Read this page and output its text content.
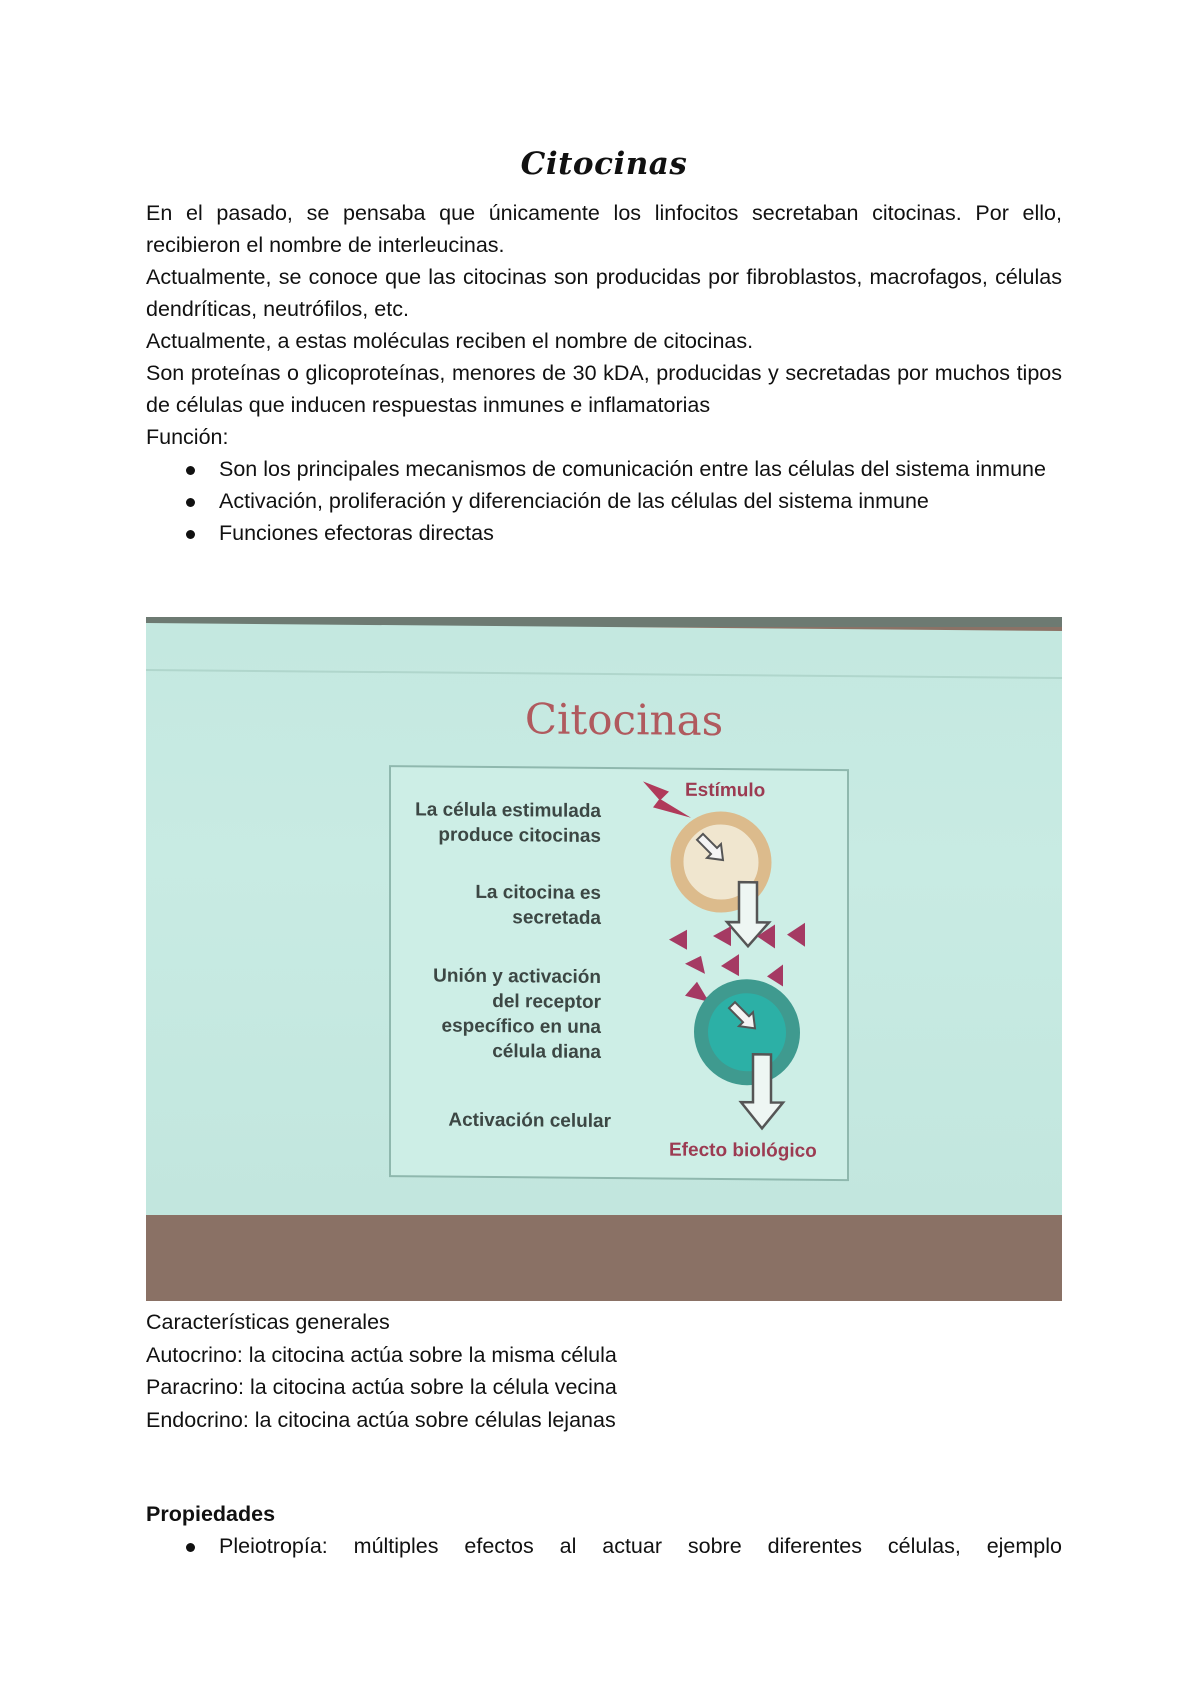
Citocinas

En el pasado, se pensaba que únicamente los linfocitos secretaban citocinas. Por ello, recibieron el nombre de interleucinas.

Actualmente, se conoce que las citocinas son producidas por fibroblastos, macrofagos, células dendríticas, neutrófilos, etc.

Actualmente, a estas moléculas reciben el nombre de citocinas.

Son proteínas o glicoproteínas, menores de 30 kDA, producidas y secretadas por muchos tipos de células que inducen respuestas inmunes e inflamatorias

Función:

Son los principales mecanismos de comunicación entre las células del sistema inmune
Activación, proliferación y diferenciación de las células del sistema inmune
Funciones efectoras directas
Citocinas
La célula estimulada produce citocinas
La citocina es secretada
Unión y activación del receptor específico en una célula diana
Activación celular
Estímulo
Efecto biológico

Características generales

Autocrino: la citocina actúa sobre la misma célula

Paracrino: la citocina actúa sobre la célula vecina

Endocrino: la citocina actúa sobre células lejanas

Propiedades
Pleiotropía: múltiples efectos al actuar sobre diferentes células, ejemplo
